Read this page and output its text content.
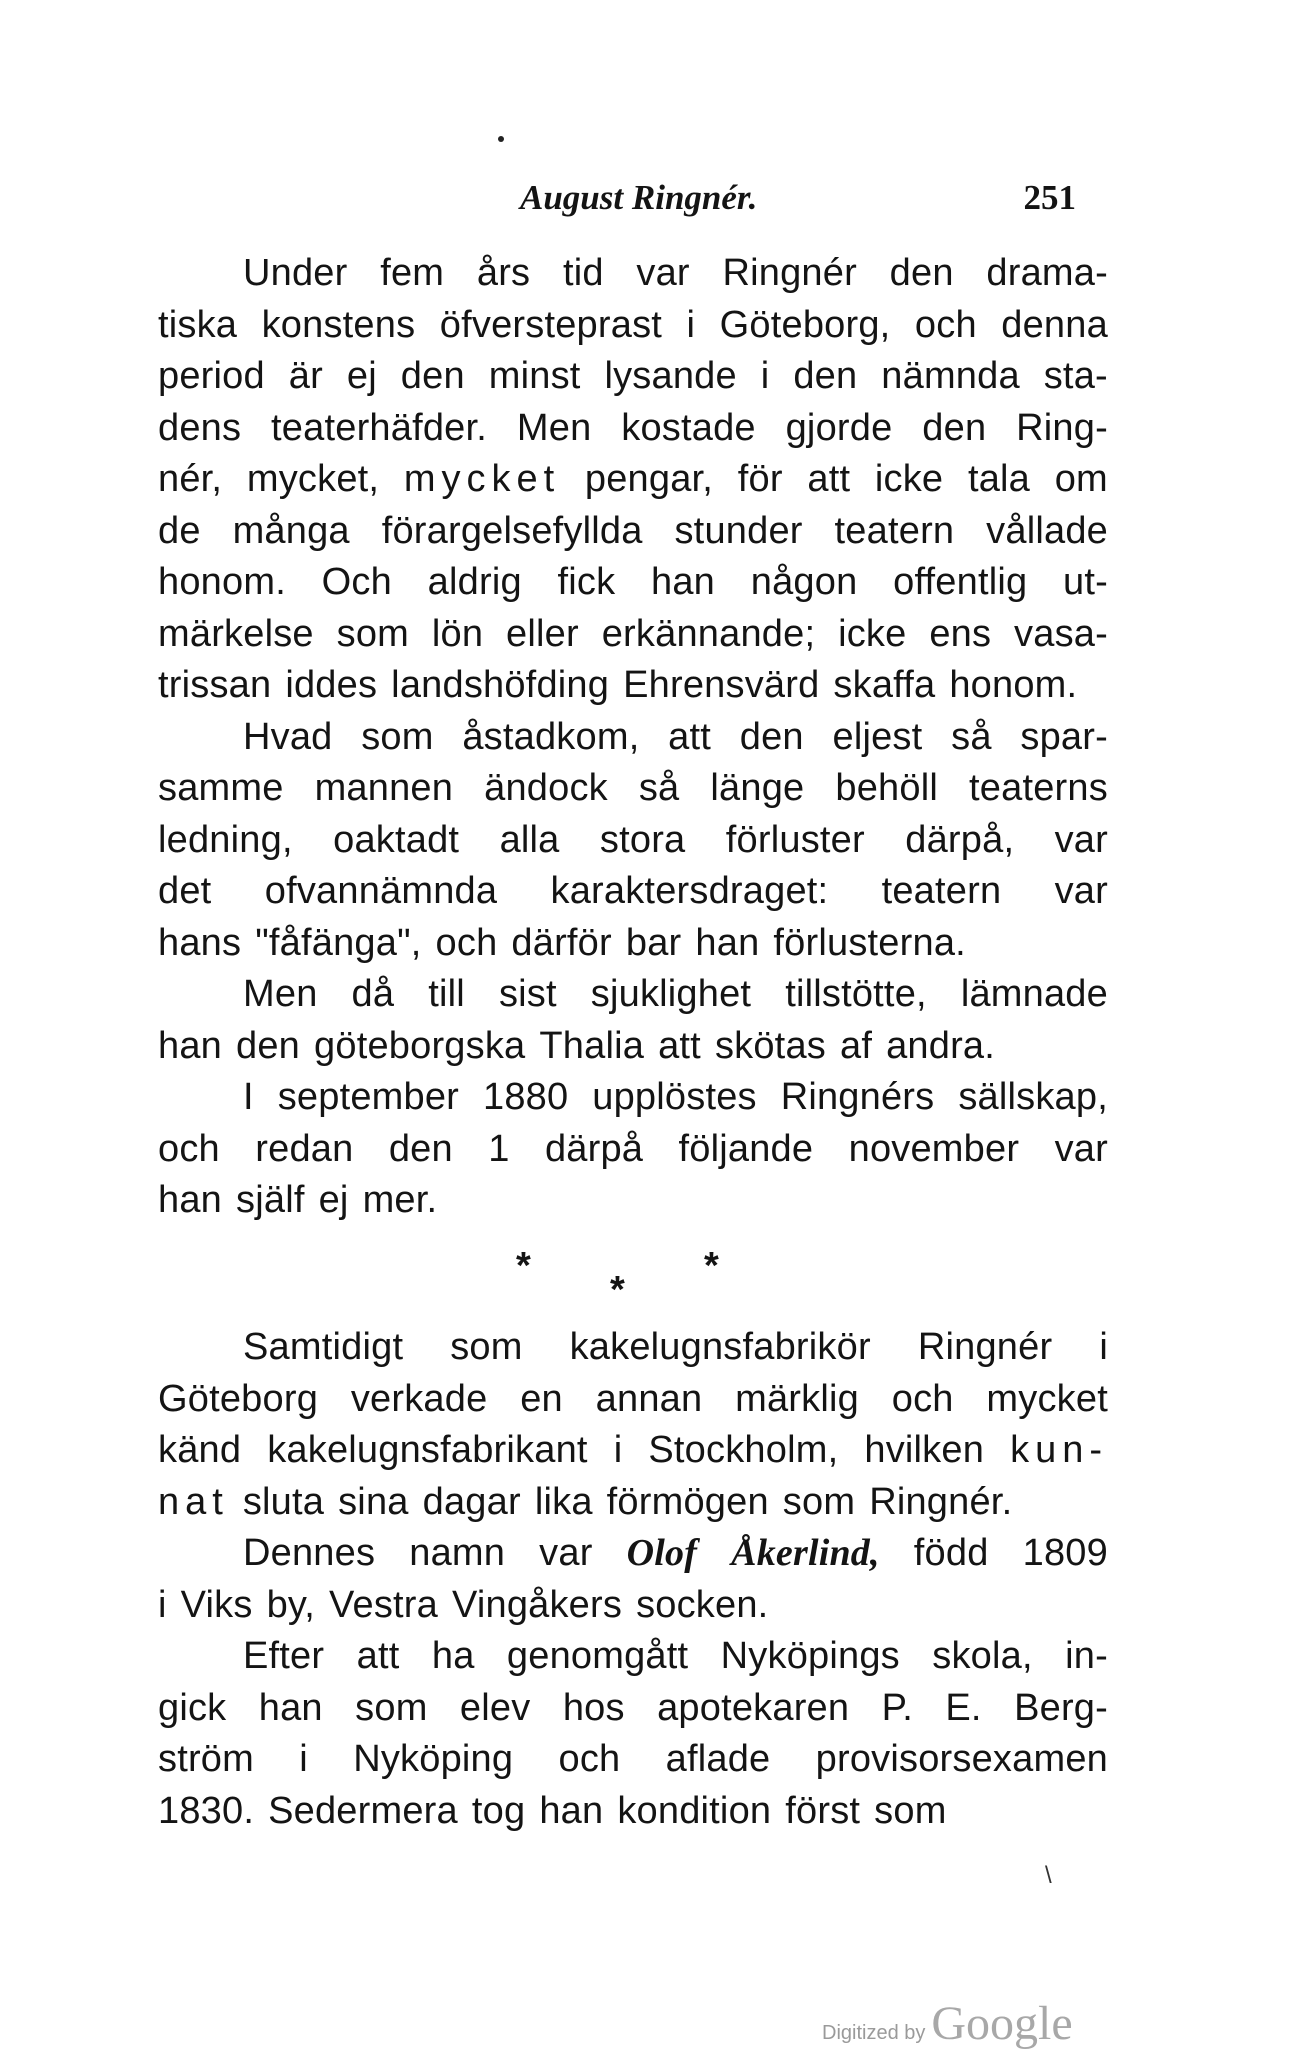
August Ringnér.	251
Under fem års tid var Ringnér den drama-
tiska konstens öfversteprast i Göteborg, och denna
period är ej den minst lysande i den nämnda sta-
dens teaterhäfder. Men kostade gjorde den Ring-
nér, mycket, mycket pengar, för att icke tala om
de många förargelsefyllda stunder teatern vållade
honom. Och aldrig fick han någon offentlig ut-
märkelse som lön eller erkännande; icke ens vasa-
trissan iddes landshöfding Ehrensvärd skaffa honom.
Hvad som åstadkom, att den eljest så spar-
samme mannen ändock så länge behöll teaterns
ledning, oaktadt alla stora förluster därpå, var
det ofvannämnda karaktersdraget: teatern var
hans "fåfänga", och därför bar han förlusterna.
Men då till sist sjuklighet tillstötte, lämnade
han den göteborgska Thalia att skötas af andra.
I september 1880 upplöstes Ringnérs sällskap,
och redan den 1 därpå följande november var
han själf ej mer.
*
*
*
Samtidigt som kakelugnsfabrikör Ringnér i
Göteborg verkade en annan märklig och mycket
känd kakelugnsfabrikant i Stockholm, hvilken kun-
nat sluta sina dagar lika förmögen som Ringnér.
Dennes namn var Olof Åkerlind, född 1809
i Viks by, Vestra Vingåkers socken.
Efter att ha genomgått Nyköpings skola, in-
gick han som elev hos apotekaren P. E. Berg-
ström i Nyköping och aflade provisorsexamen
1830. Sedermera tog han kondition först som
\
Digitized by Google
